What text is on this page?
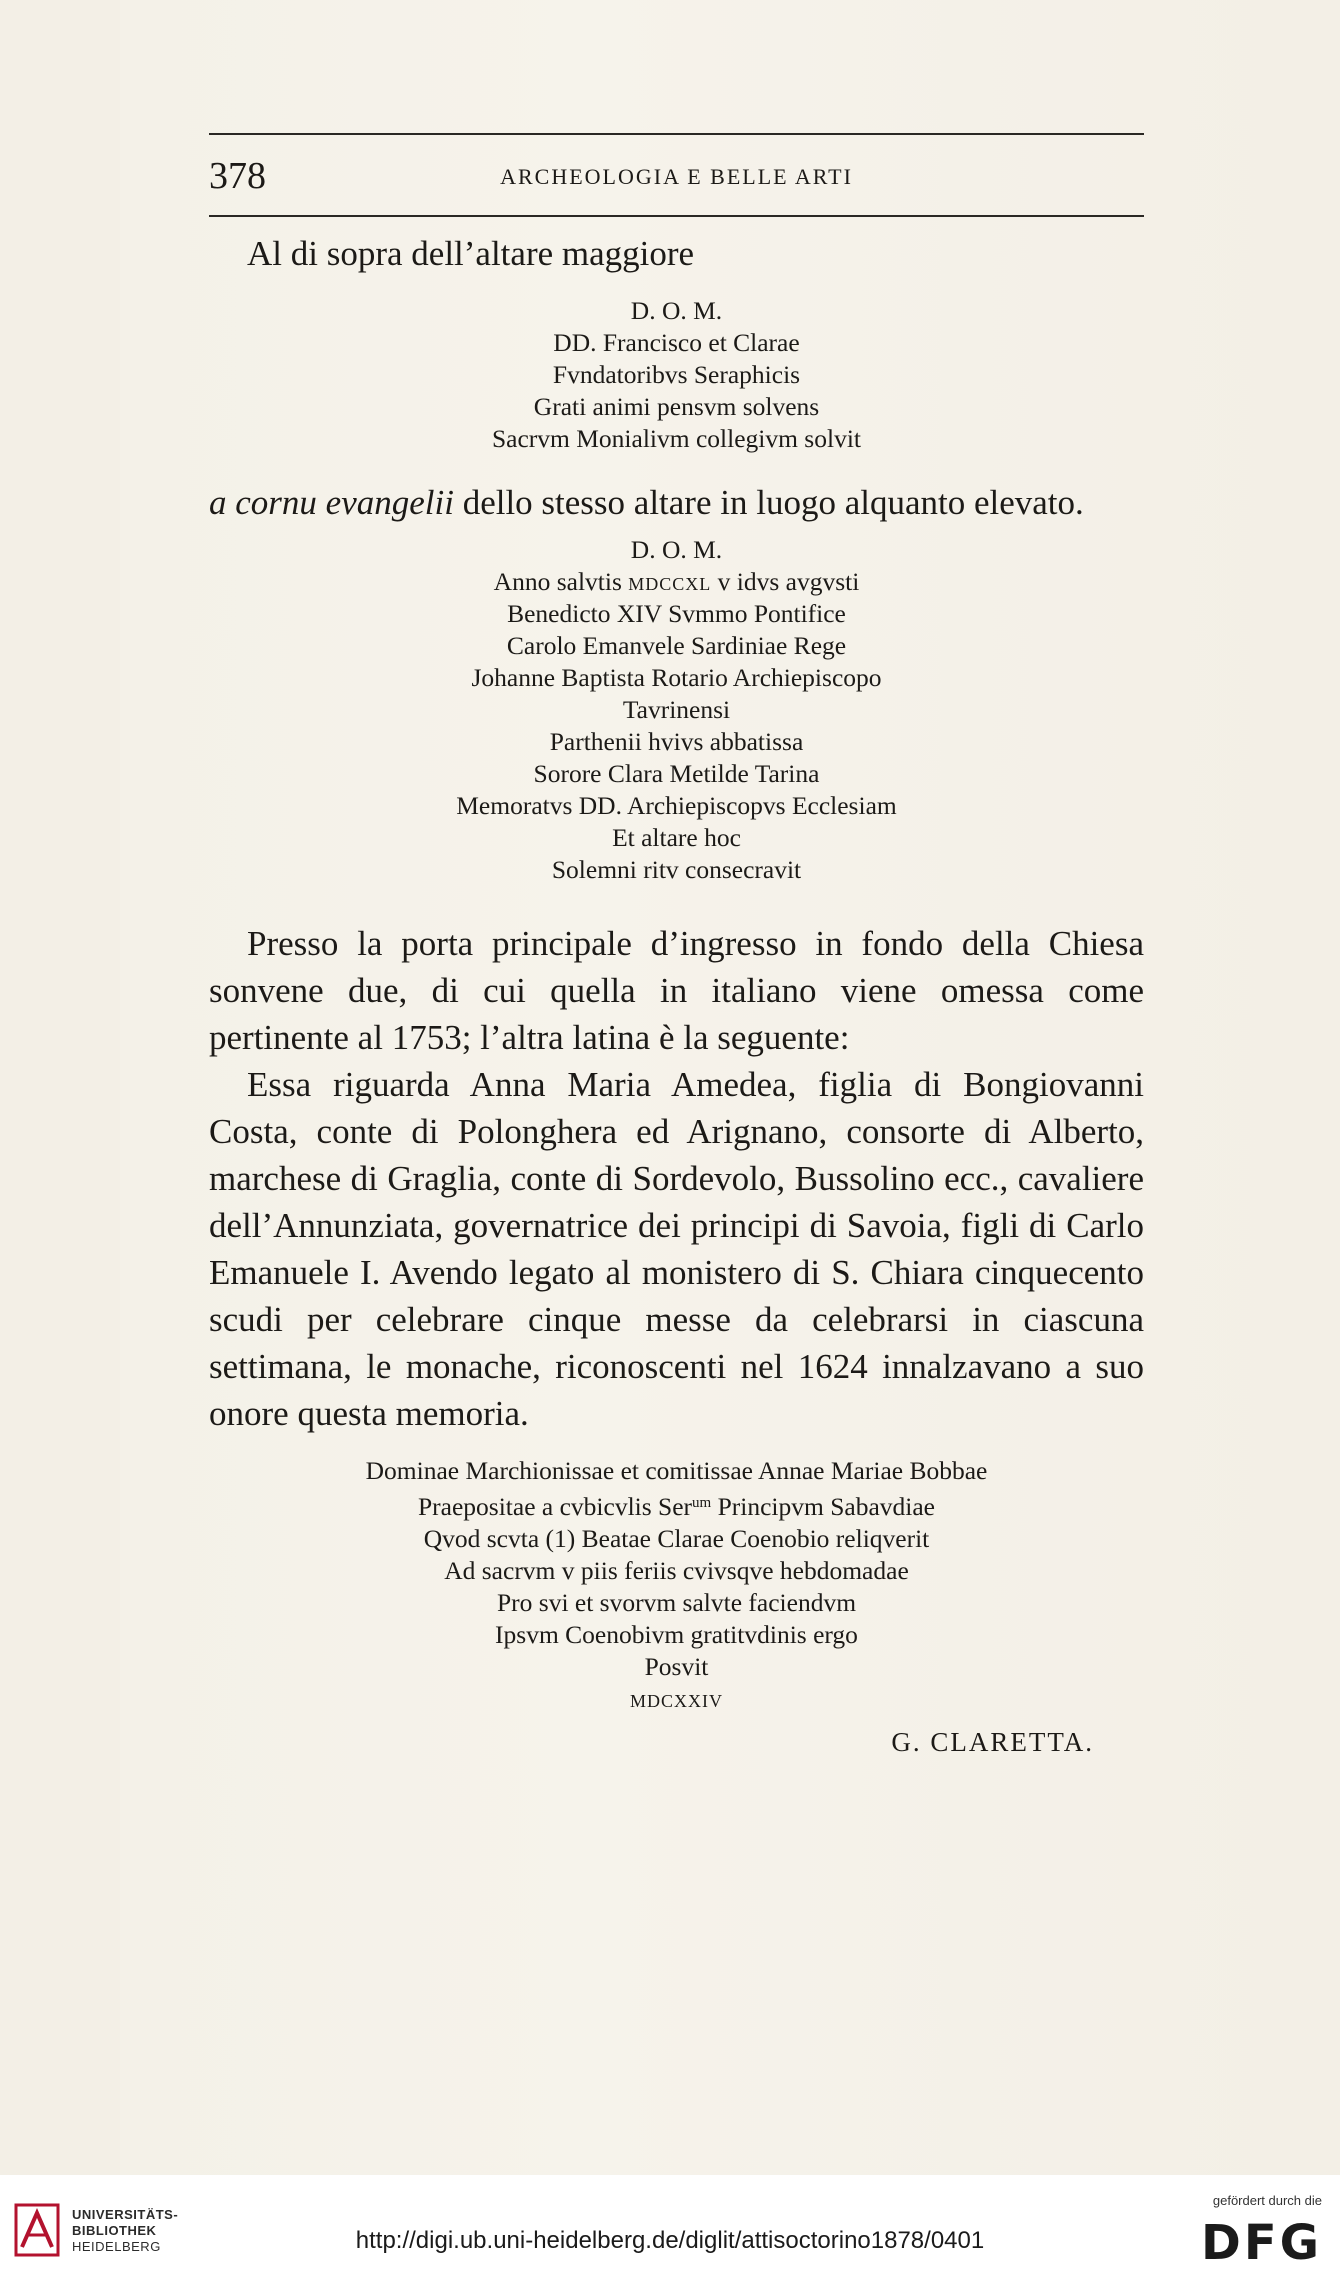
378	ARCHEOLOGIA E BELLE ARTI

Al di sopra dell’altare maggiore

D. O. M.
DD. Francisco et Clarae
Fvndatoribvs Seraphicis
Grati animi pensvm solvens
Sacrvm Monialivm collegivm solvit

a cornu evangelii dello stesso altare in luogo alquanto elevato.

D. O. M.
Anno salvtis mdccxl v idvs avgvsti
Benedicto XIV Svmmo Pontifice
Carolo Emanvele Sardiniae Rege
Johanne Baptista Rotario Archiepiscopo
Tavrinensi
Parthenii hvivs abbatissa
Sorore Clara Metilde Tarina
Memoratvs DD. Archiepiscopvs Ecclesiam
Et altare hoc
Solemni ritv consecravit

Presso la porta principale d’ingresso in fondo della Chiesa sonvene due, di cui quella in italiano viene omessa come pertinente al 1753; l’altra latina è la seguente:

Essa riguarda Anna Maria Amedea, figlia di Bongiovanni Costa, conte di Polonghera ed Arignano, consorte di Alberto, marchese di Graglia, conte di Sordevolo, Bussolino ecc., cavaliere dell’Annunziata, governatrice dei principi di Savoia, figli di Carlo Emanuele I. Avendo legato al monistero di S. Chiara cinquecento scudi per celebrare cinque messe da celebrarsi in ciascuna settimana, le monache, riconoscenti nel 1624 innalzavano a suo onore questa memoria.

Dominae Marchionissae et comitissae Annae Mariae Bobbae
Praepositae a cvbicvlis Ser$^{um}$ Principvm Sabavdiae
Qvod scvta (1) Beatae Clarae Coenobio reliqverit
Ad sacrvm v piis feriis cvivsqve hebdomadae
Pro svi et svorvm salvte faciendvm
Ipsvm Coenobivm gratitvdinis ergo
Posvit
mdcxxiv
G. CLARETTA.
UNIVERSITÄTS-
BIBLIOTHEK
HEIDELBERG	http://digi.ub.uni-heidelberg.de/diglit/attisoctorino1878/0401
gefördert durch die
DFG
